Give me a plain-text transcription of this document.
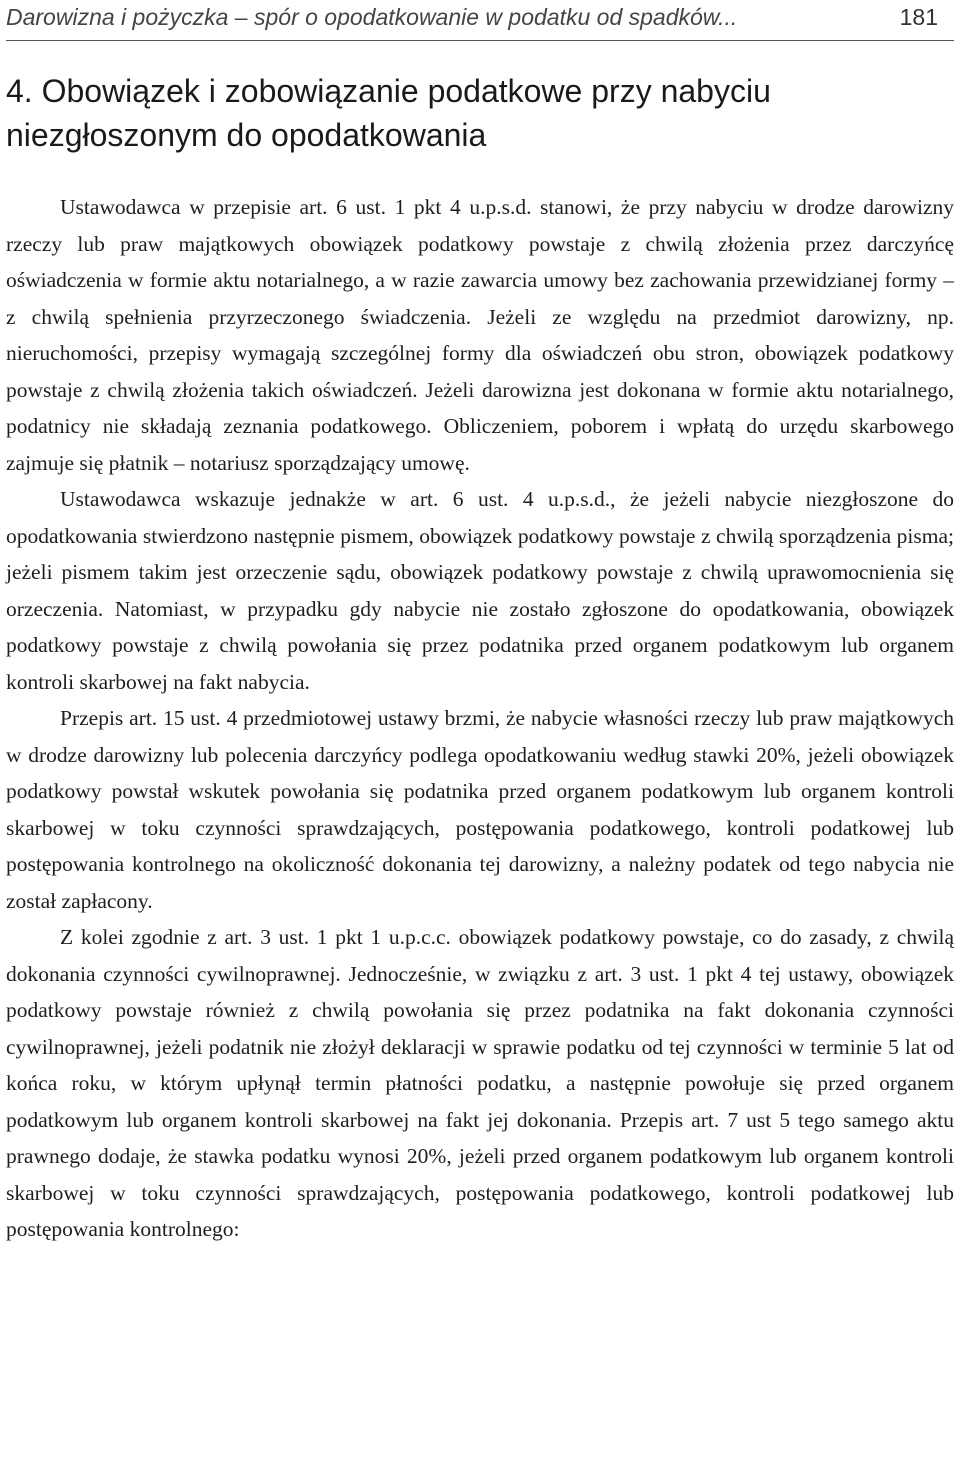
Darowizna i pożyczka – spór o opodatkowanie w podatku od spadków...	181
4. Obowiązek i zobowiązanie podatkowe przy nabyciu niezgłoszonym do opodatkowania

Ustawodawca w przepisie art. 6 ust. 1 pkt 4 u.p.s.d. stanowi, że przy nabyciu w drodze darowizny rzeczy lub praw majątkowych obowiązek podatkowy powstaje z chwilą złożenia przez darczyńcę oświadczenia w formie aktu notarialnego, a w razie zawarcia umowy bez zachowania przewidzianej formy – z chwilą spełnienia przyrzeczonego świadczenia. Jeżeli ze względu na przedmiot darowizny, np. nieruchomości, przepisy wymagają szczególnej formy dla oświadczeń obu stron, obowiązek podatkowy powstaje z chwilą złożenia takich oświadczeń. Jeżeli darowizna jest dokonana w formie aktu notarialnego, podatnicy nie składają zeznania podatkowego. Obliczeniem, poborem i wpłatą do urzędu skarbowego zajmuje się płatnik – notariusz sporządzający umowę.

Ustawodawca wskazuje jednakże w art. 6 ust. 4 u.p.s.d., że jeżeli nabycie niezgłoszone do opodatkowania stwierdzono następnie pismem, obowiązek podatkowy powstaje z chwilą sporządzenia pisma; jeżeli pismem takim jest orzeczenie sądu, obowiązek podatkowy powstaje z chwilą uprawomocnienia się orzeczenia. Natomiast, w przypadku gdy nabycie nie zostało zgłoszone do opodatkowania, obowiązek podatkowy powstaje z chwilą powołania się przez podatnika przed organem podatkowym lub organem kontroli skarbowej na fakt nabycia.

Przepis art. 15 ust. 4 przedmiotowej ustawy brzmi, że nabycie własności rzeczy lub praw majątkowych w drodze darowizny lub polecenia darczyńcy podlega opodatkowaniu według stawki 20%, jeżeli obowiązek podatkowy powstał wskutek powołania się podatnika przed organem podatkowym lub organem kontroli skarbowej w toku czynności sprawdzających, postępowania podatkowego, kontroli podatkowej lub postępowania kontrolnego na okoliczność dokonania tej darowizny, a należny podatek od tego nabycia nie został zapłacony.

Z kolei zgodnie z art. 3 ust. 1 pkt 1 u.p.c.c. obowiązek podatkowy powstaje, co do zasady, z chwilą dokonania czynności cywilnoprawnej. Jednocześnie, w związku z art. 3 ust. 1 pkt 4 tej ustawy, obowiązek podatkowy powstaje również z chwilą powołania się przez podatnika na fakt dokonania czynności cywilnoprawnej, jeżeli podatnik nie złożył deklaracji w sprawie podatku od tej czynności w terminie 5 lat od końca roku, w którym upłynął termin płatności podatku, a następnie powołuje się przed organem podatkowym lub organem kontroli skarbowej na fakt jej dokonania. Przepis art. 7 ust 5 tego samego aktu prawnego dodaje, że stawka podatku wynosi 20%, jeżeli przed organem podatkowym lub organem kontroli skarbowej w toku czynności sprawdzających, postępowania podatkowego, kontroli podatkowej lub postępowania kontrolnego:
